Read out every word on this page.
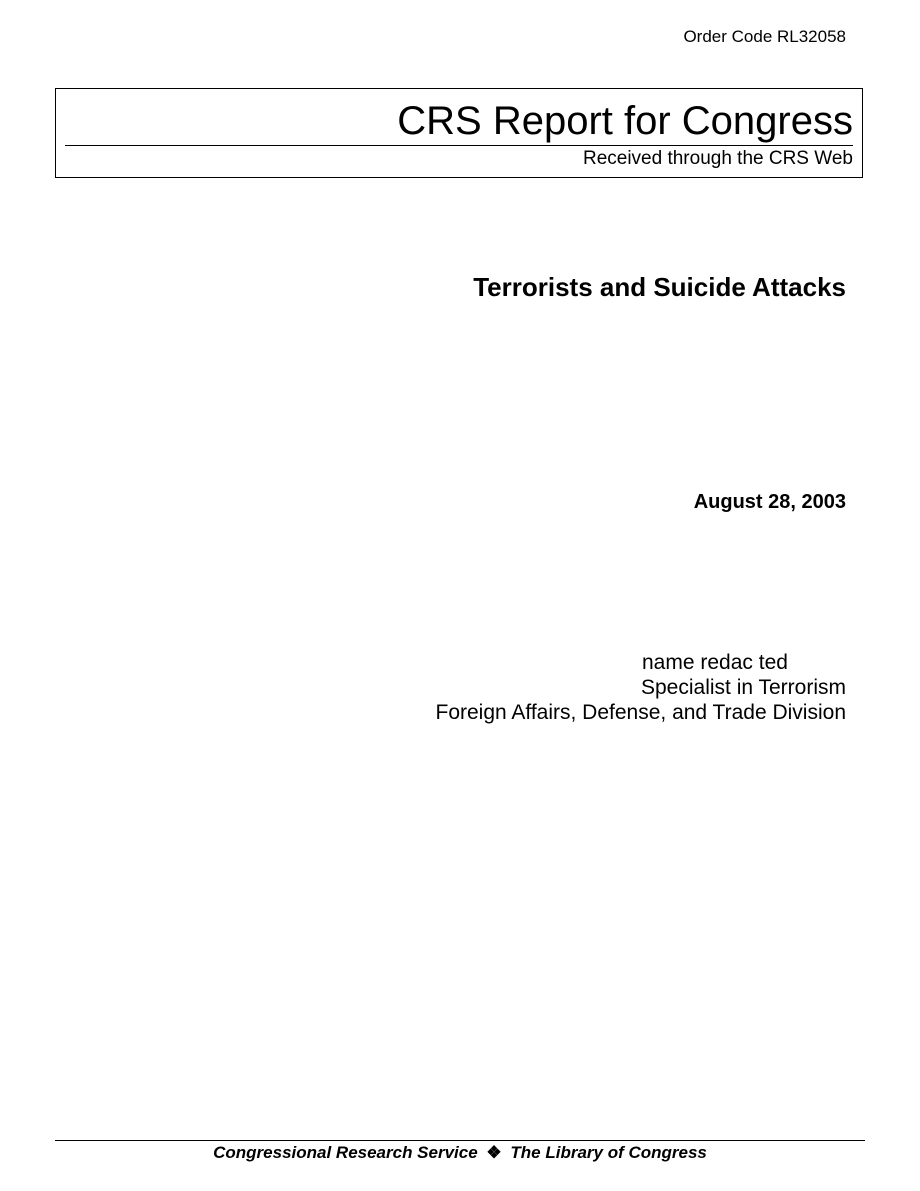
Order Code RL32058
CRS Report for Congress
Received through the CRS Web
Terrorists and Suicide Attacks
August 28, 2003
name redac ted
Specialist in Terrorism
Foreign Affairs, Defense, and Trade Division
Congressional Research Service ❖ The Library of Congress
